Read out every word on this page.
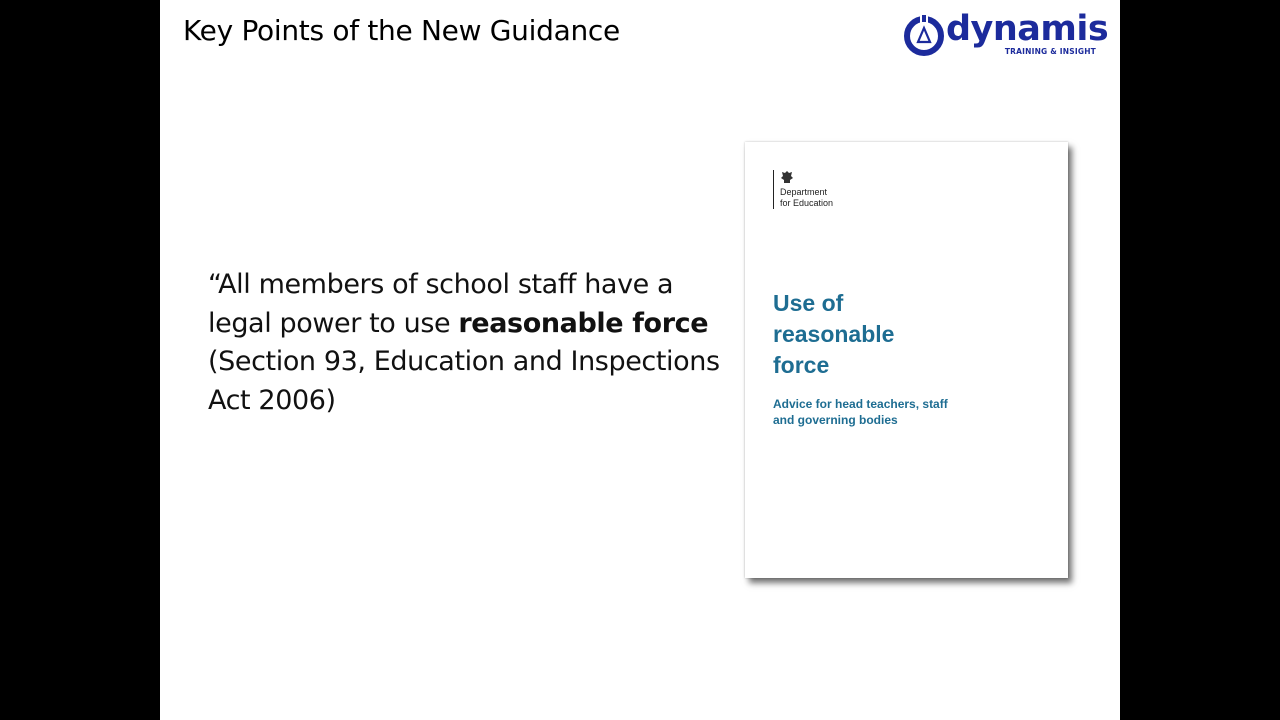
Key Points of the New Guidance	dynamis
TRAINING & INSIGHT
“All members of school staff have a legal power to use reasonable force (Section 93, Education and Inspections Act 2006)
Department
for Education
Use of
reasonable
force
Advice for head teachers, staff
and governing bodies
